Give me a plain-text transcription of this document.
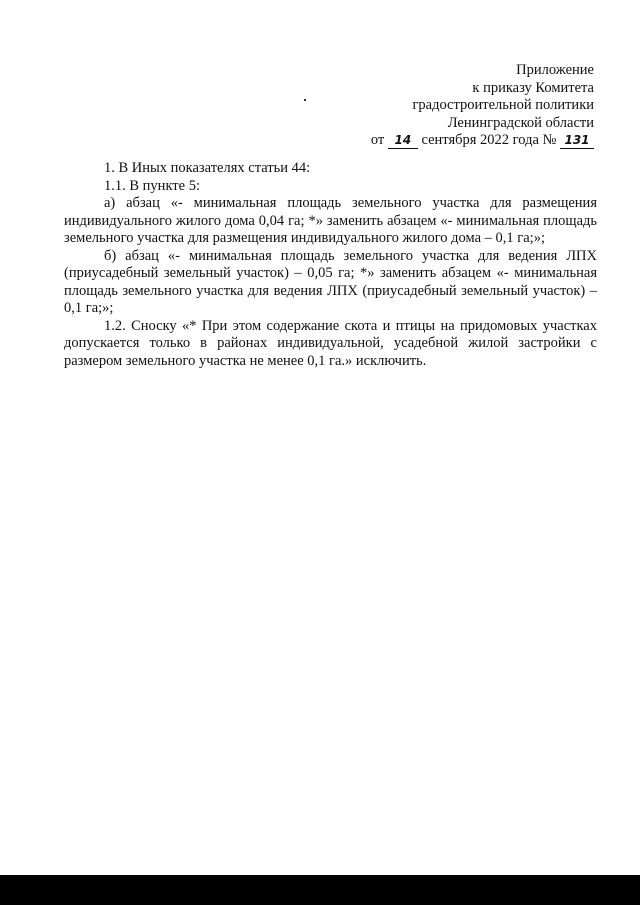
Приложение
к приказу Комитета
градостроительной политики
Ленинградской области
от 14 сентября 2022 года № 131

1. В Иных показателях статьи 44:

1.1. В пункте 5:

а) абзац «- минимальная площадь земельного участка для размещения индивидуального жилого дома 0,04 га; *» заменить абзацем «- минимальная площадь земельного участка для размещения индивидуального жилого дома – 0,1 га;»;

б) абзац «- минимальная площадь земельного участка для ведения ЛПХ (приусадебный земельный участок) – 0,05 га; *» заменить абзацем «- минимальная площадь земельного участка для ведения ЛПХ (приусадебный земельный участок) – 0,1 га;»;

1.2. Сноску «* При этом содержание скота и птицы на придомовых участках допускается только в районах индивидуальной, усадебной жилой застройки с размером земельного участка не менее 0,1 га.» исключить.
